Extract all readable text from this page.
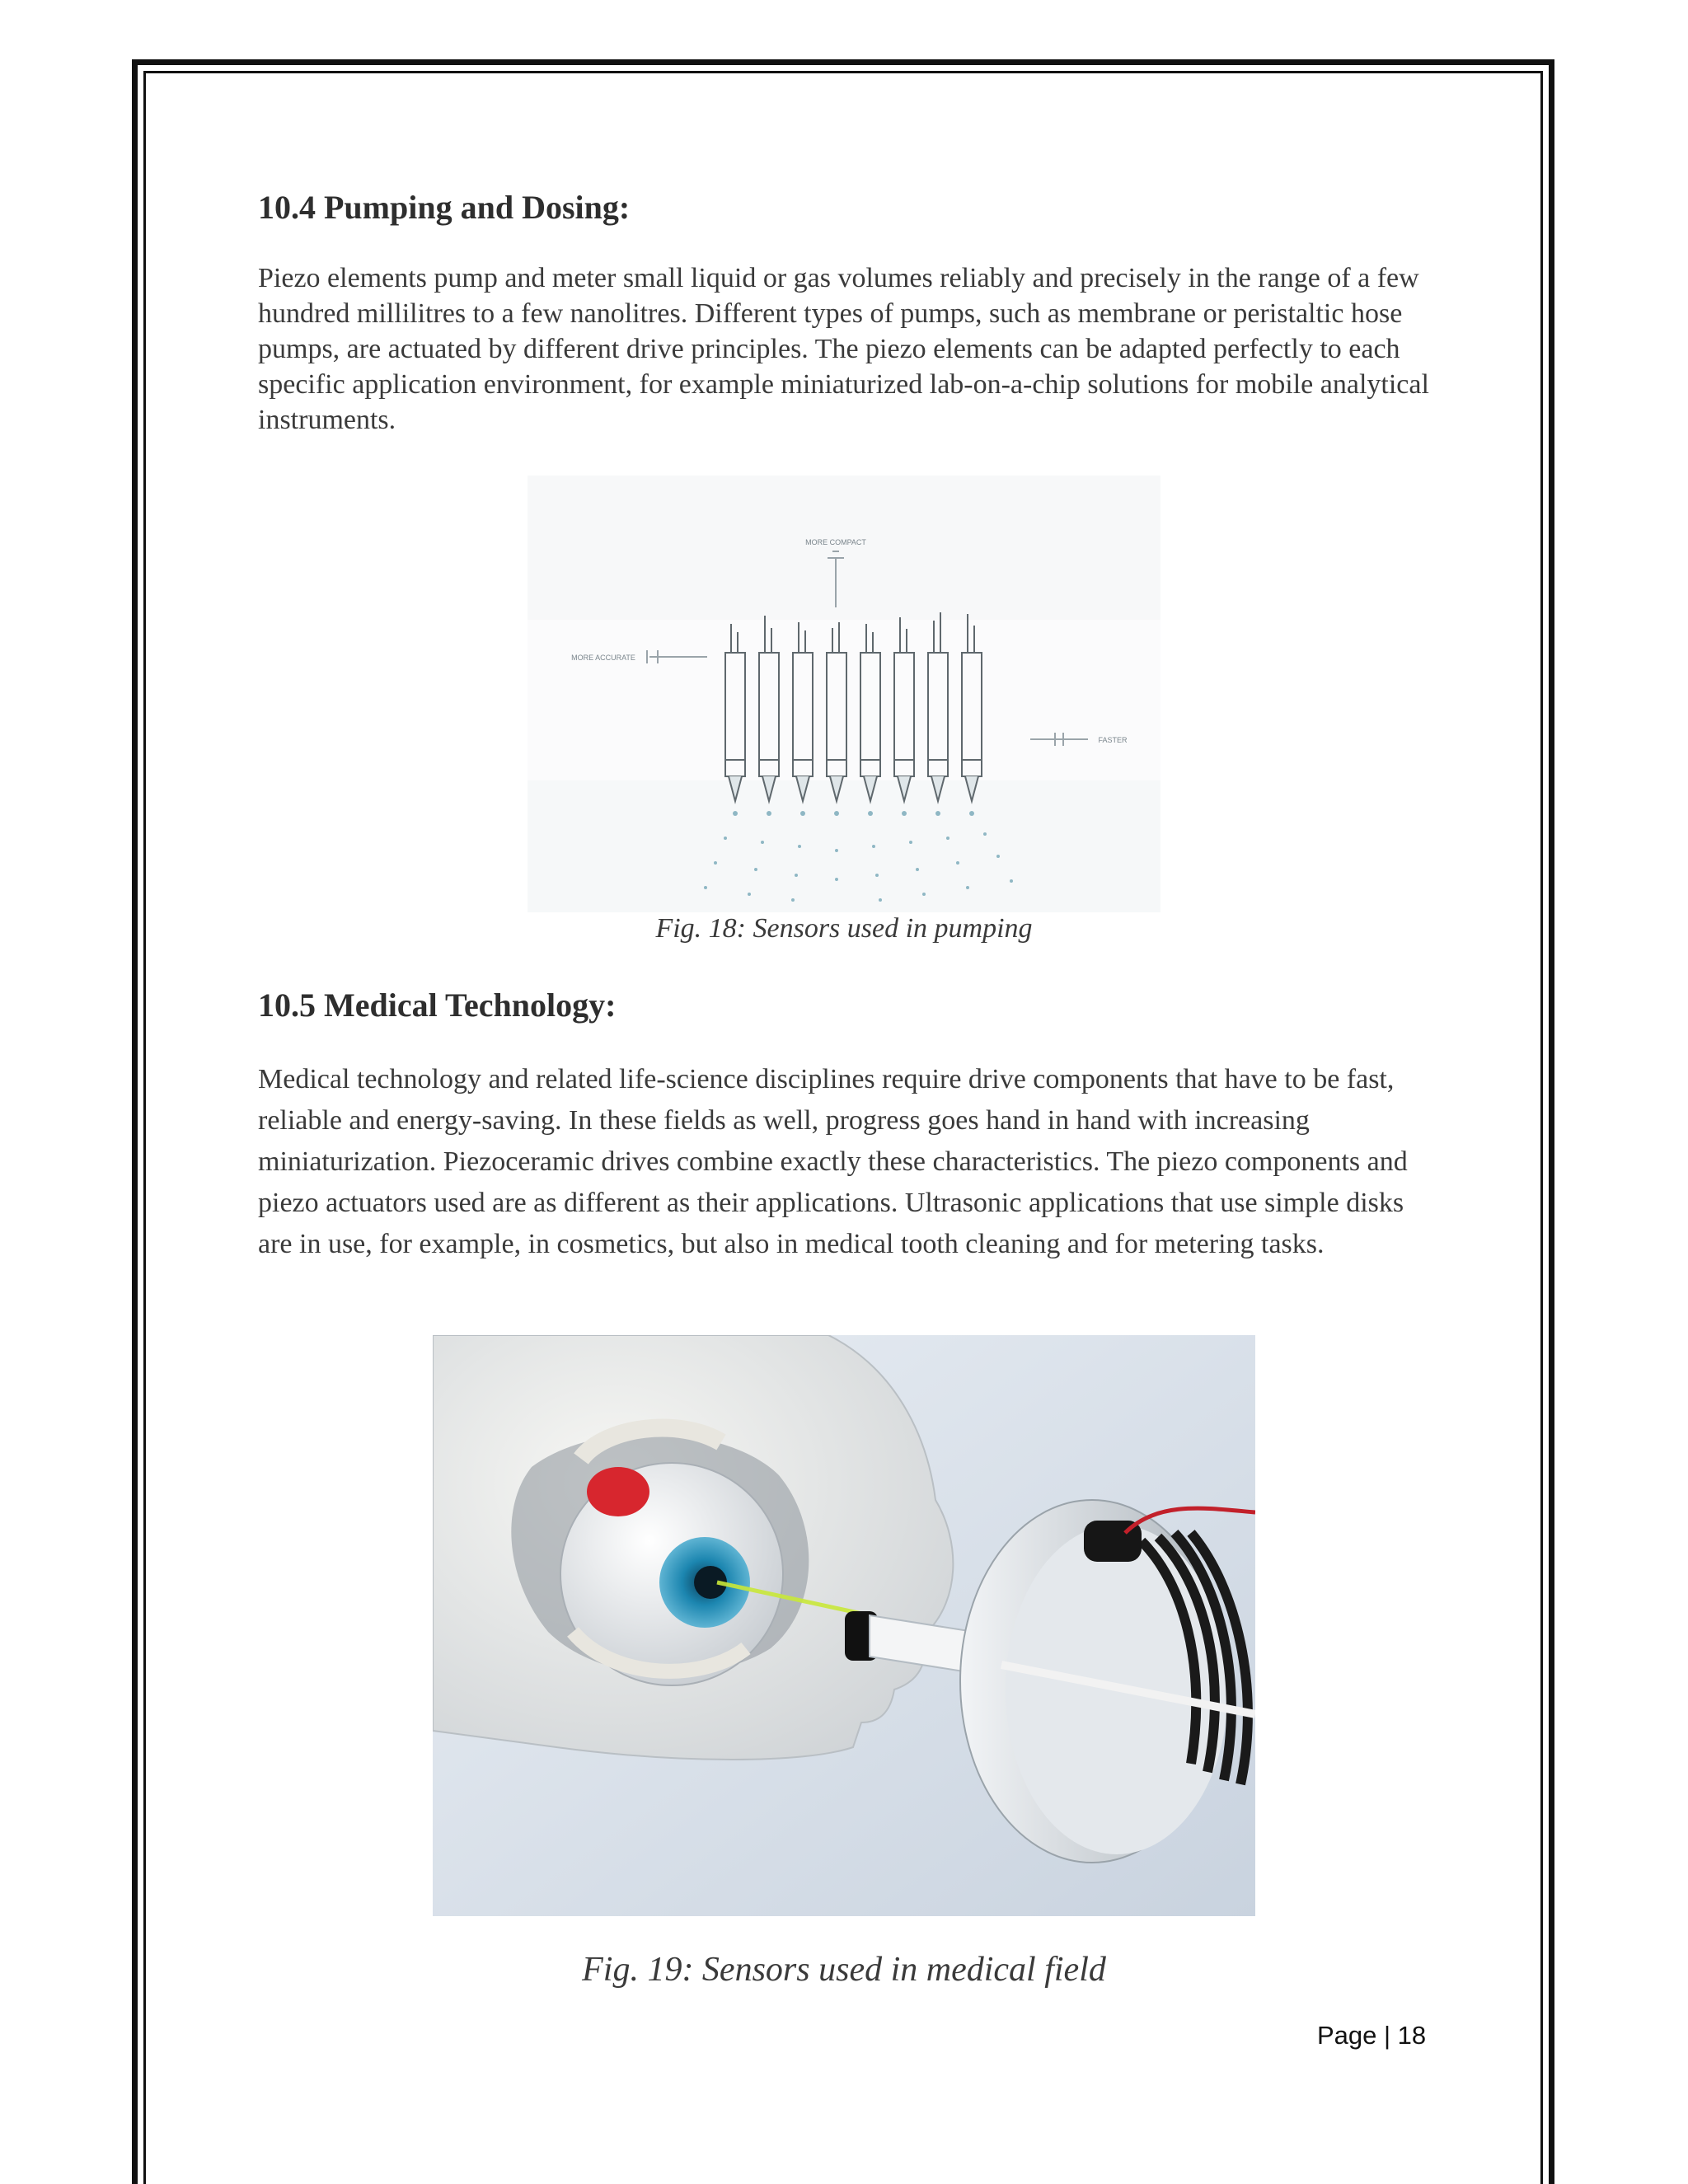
10.4 Pumping and Dosing:

Piezo elements pump and meter small liquid or gas volumes reliably and precisely in the range of a few hundred millilitres to a few nanolitres. Different types of pumps, such as membrane or peristaltic hose pumps, are actuated by different drive principles. The piezo elements can be adapted perfectly to each specific application environment, for example miniaturized lab-on-a-chip solutions for mobile analytical instruments.

MORE COMPACT
MORE ACCURATE
FASTER

Fig. 18: Sensors used in pumping

10.5 Medical Technology:

Medical technology and related life-science disciplines require drive components that have to be fast, reliable and energy-saving. In these fields as well, progress goes hand in hand with increasing miniaturization. Piezoceramic drives combine exactly these characteristics. The piezo components and piezo actuators used are as different as their applications. Ultrasonic applications that use simple disks are in use, for example, in cosmetics, but also in medical tooth cleaning and for metering tasks.

Fig. 19: Sensors used in medical field

Page | 18
